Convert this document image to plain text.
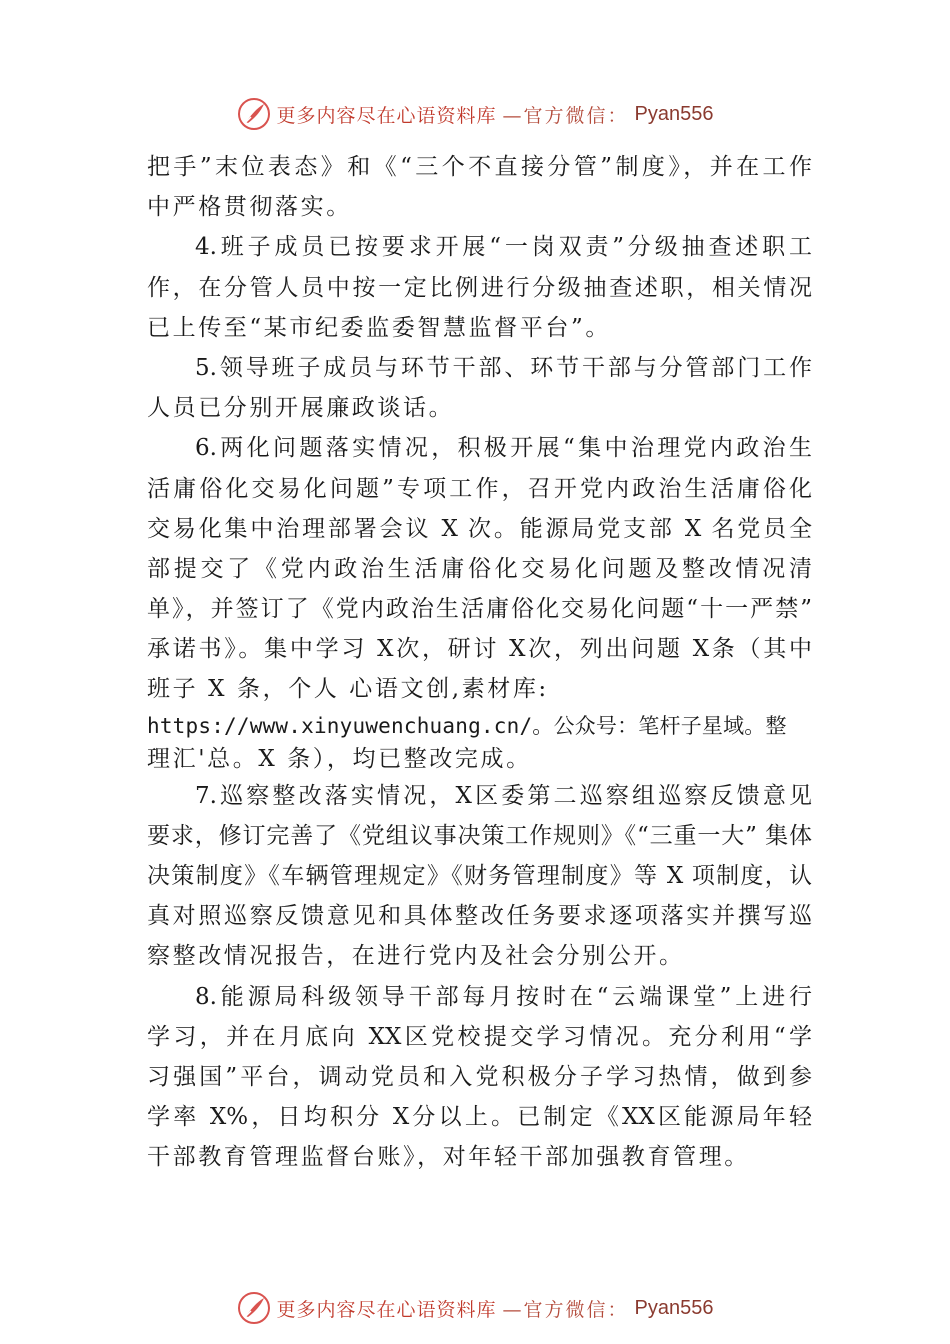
更多内容尽在心语资料库 —官方微信： Pyan556
把手”末位表态》和《“三个不直接分管”制度》，并在工作
中严格贯彻落实。
4.班子成员已按要求开展“一岗双责”分级抽查述职工
作，在分管人员中按一定比例进行分级抽查述职，相关情况
已上传至“某市纪委监委智慧监督平台”。
5.领导班子成员与环节干部、环节干部与分管部门工作
人员已分别开展廉政谈话。
6.两化问题落实情况，积极开展“集中治理党内政治生
活庸俗化交易化问题”专项工作，召开党内政治生活庸俗化
交易化集中治理部署会议 X 次。能源局党支部 X 名党员全
部提交了《党内政治生活庸俗化交易化问题及整改情况清
单》，并签订了《党内政治生活庸俗化交易化问题“十一严禁”
承诺书》。集中学习 X次，研讨 X次，列出问题 X条（其中
班子 X 条，个人 心语文创,素材库:
https://www.xinyuwenchuang.cn/。公众号：笔杆子星域。整
理汇'总。X 条），均已整改完成。
7.巡察整改落实情况，X区委第二巡察组巡察反馈意见
要求，修订完善了《党组议事决策工作规则》《“三重一大” 集体
决策制度》《车辆管理规定》《财务管理制度》等 X 项制度，认
真对照巡察反馈意见和具体整改任务要求逐项落实并撰写巡
察整改情况报告，在进行党内及社会分别公开。
8.能源局科级领导干部每月按时在“云端课堂”上进行
学习，并在月底向 XX区党校提交学习情况。充分利用“学
习强国”平台，调动党员和入党积极分子学习热情，做到参
学率 X%，日均积分 X分以上。已制定《XX区能源局年轻
干部教育管理监督台账》，对年轻干部加强教育管理。
更多内容尽在心语资料库 —官方微信： Pyan556
